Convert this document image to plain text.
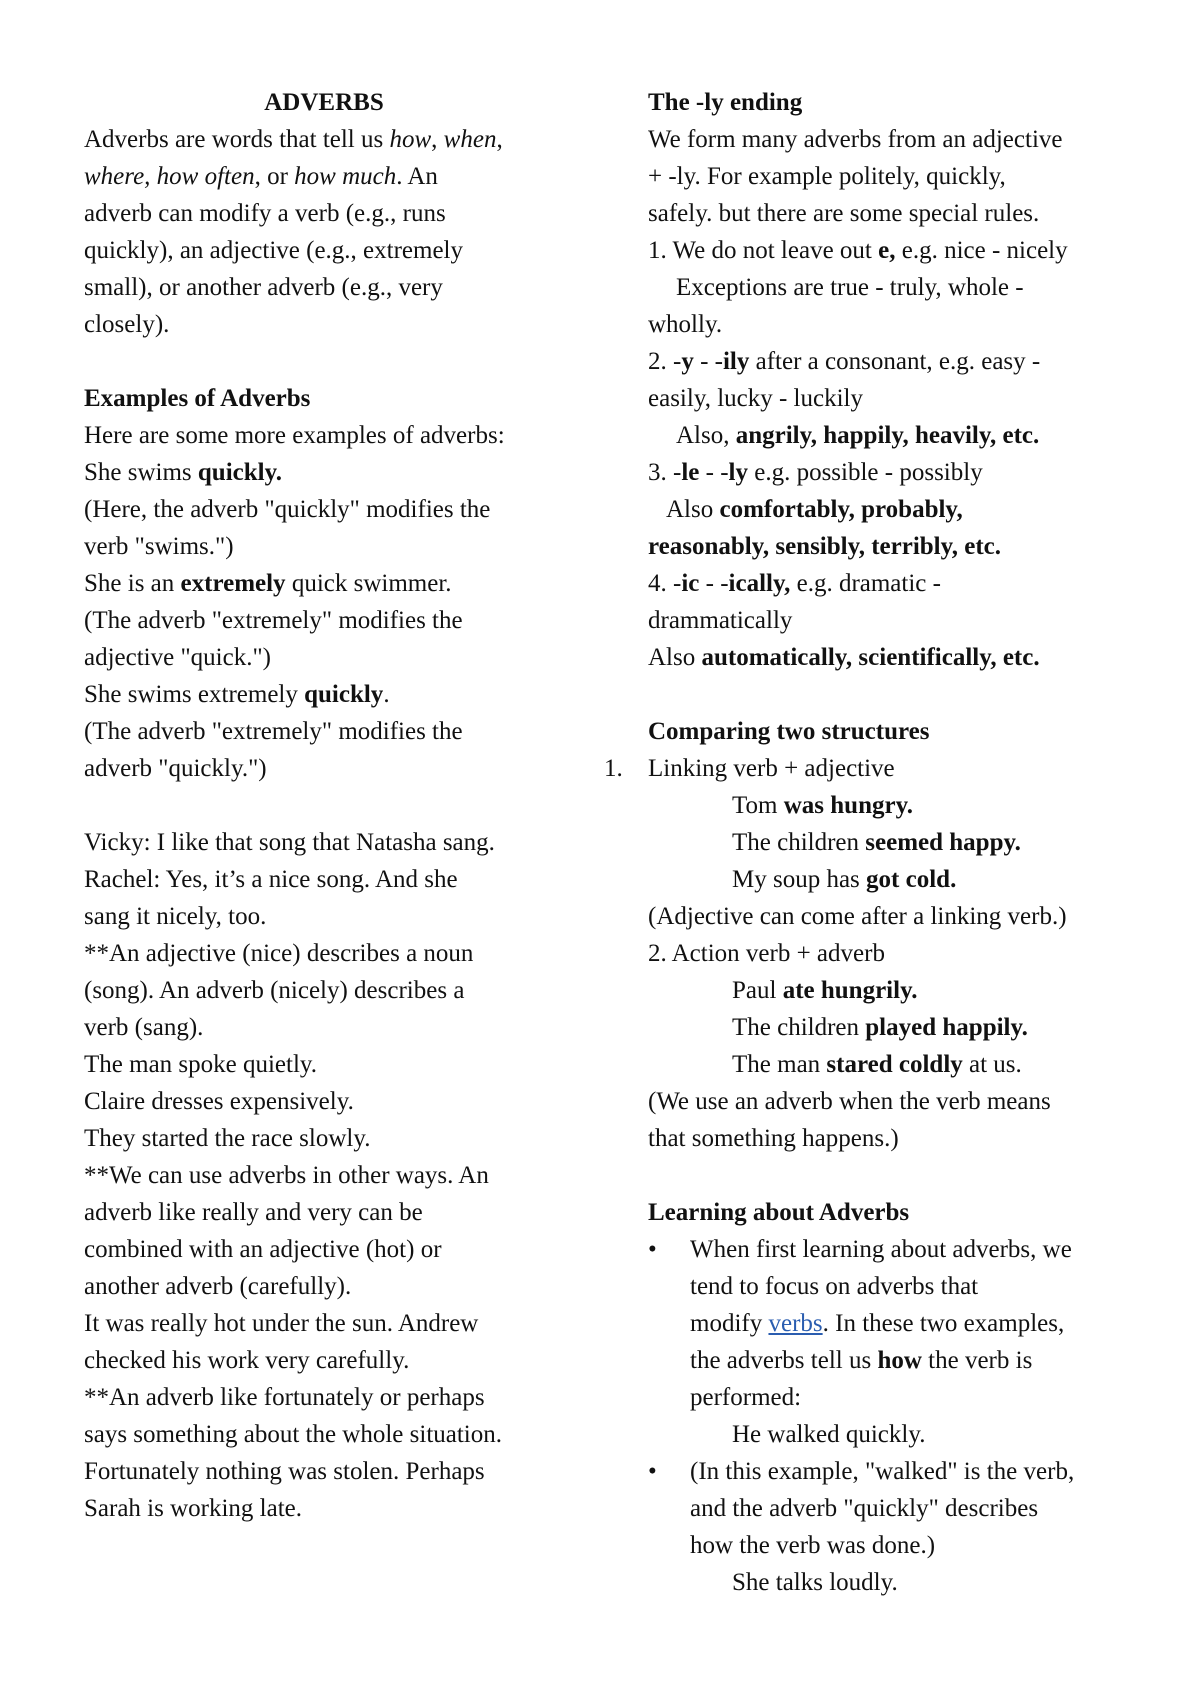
ADVERBS
Adverbs are words that tell us how, when,
where, how often, or how much. An
adverb can modify a verb (e.g., runs
quickly), an adjective (e.g., extremely
small), or another adverb (e.g., very
closely).
Examples of Adverbs
Here are some more examples of adverbs:
She swims quickly.
(Here, the adverb "quickly" modifies the
verb "swims.")
She is an extremely quick swimmer.
(The adverb "extremely" modifies the
adjective "quick.")
She swims extremely quickly.
(The adverb "extremely" modifies the
adverb "quickly.")
Vicky: I like that song that Natasha sang.
Rachel: Yes, it’s a nice song. And she
sang it nicely, too.
**An adjective (nice) describes a noun
(song). An adverb (nicely) describes a
verb (sang).
The man spoke quietly.
Claire dresses expensively.
They started the race slowly.
**We can use adverbs in other ways. An
adverb like really and very can be
combined with an adjective (hot) or
another adverb (carefully).
It was really hot under the sun. Andrew
checked his work very carefully.
**An adverb like fortunately or perhaps
says something about the whole situation.
Fortunately nothing was stolen. Perhaps
Sarah is working late.
The -ly ending
We form many adverbs from an adjective
+ -ly. For example politely, quickly,
safely. but there are some special rules.
1. We do not leave out e, e.g. nice - nicely
Exceptions are true - truly, whole -
wholly.
2. -y - -ily after a consonant, e.g. easy -
easily, lucky - luckily
Also, angrily, happily, heavily, etc.
3. -le - -ly e.g. possible - possibly
Also comfortably, probably,
reasonably, sensibly, terribly, etc.
4. -ic - -ically, e.g. dramatic -
drammatically
Also automatically, scientifically, etc.
Comparing two structures
1. Linking verb + adjective
Tom was hungry.
The children seemed happy.
My soup has got cold.
(Adjective can come after a linking verb.)
2. Action verb + adverb
Paul ate hungrily.
The children played happily.
The man stared coldly at us.
(We use an adverb when the verb means
that something happens.)
Learning about Adverbs
• When first learning about adverbs, we
tend to focus on adverbs that
modify verbs. In these two examples,
the adverbs tell us how the verb is
performed:
He walked quickly.
• (In this example, "walked" is the verb,
and the adverb "quickly" describes
how the verb was done.)
She talks loudly.
